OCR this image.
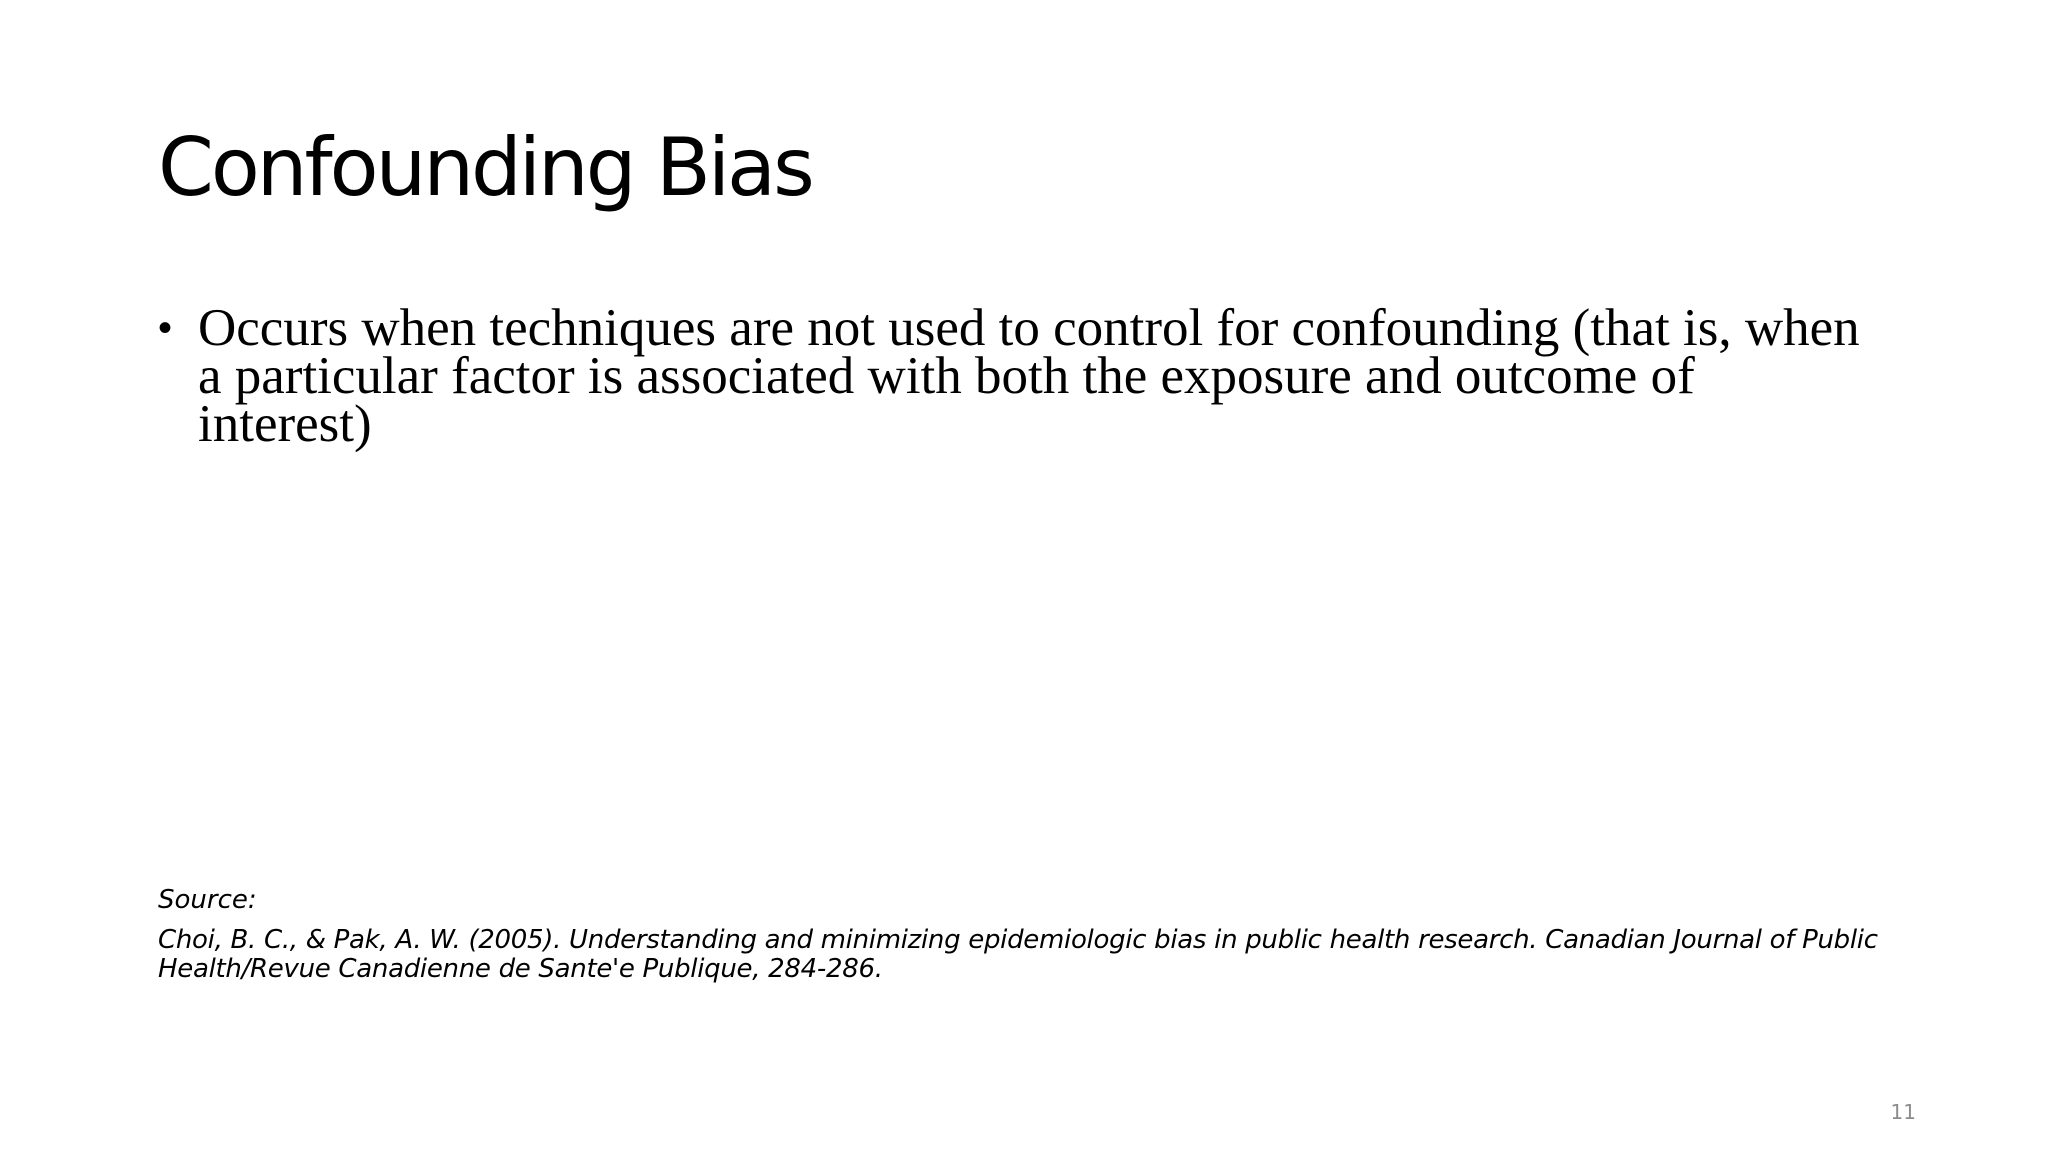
Confounding Bias
• Occurs when techniques are not used to control for confounding (that is, when a particular factor is associated with both the exposure and outcome of interest)

Source:

Choi, B. C., & Pak, A. W. (2005). Understanding and minimizing epidemiologic bias in public health research. Canadian Journal of Public Health/Revue Canadienne de Sante'e Publique, 284-286.

11
